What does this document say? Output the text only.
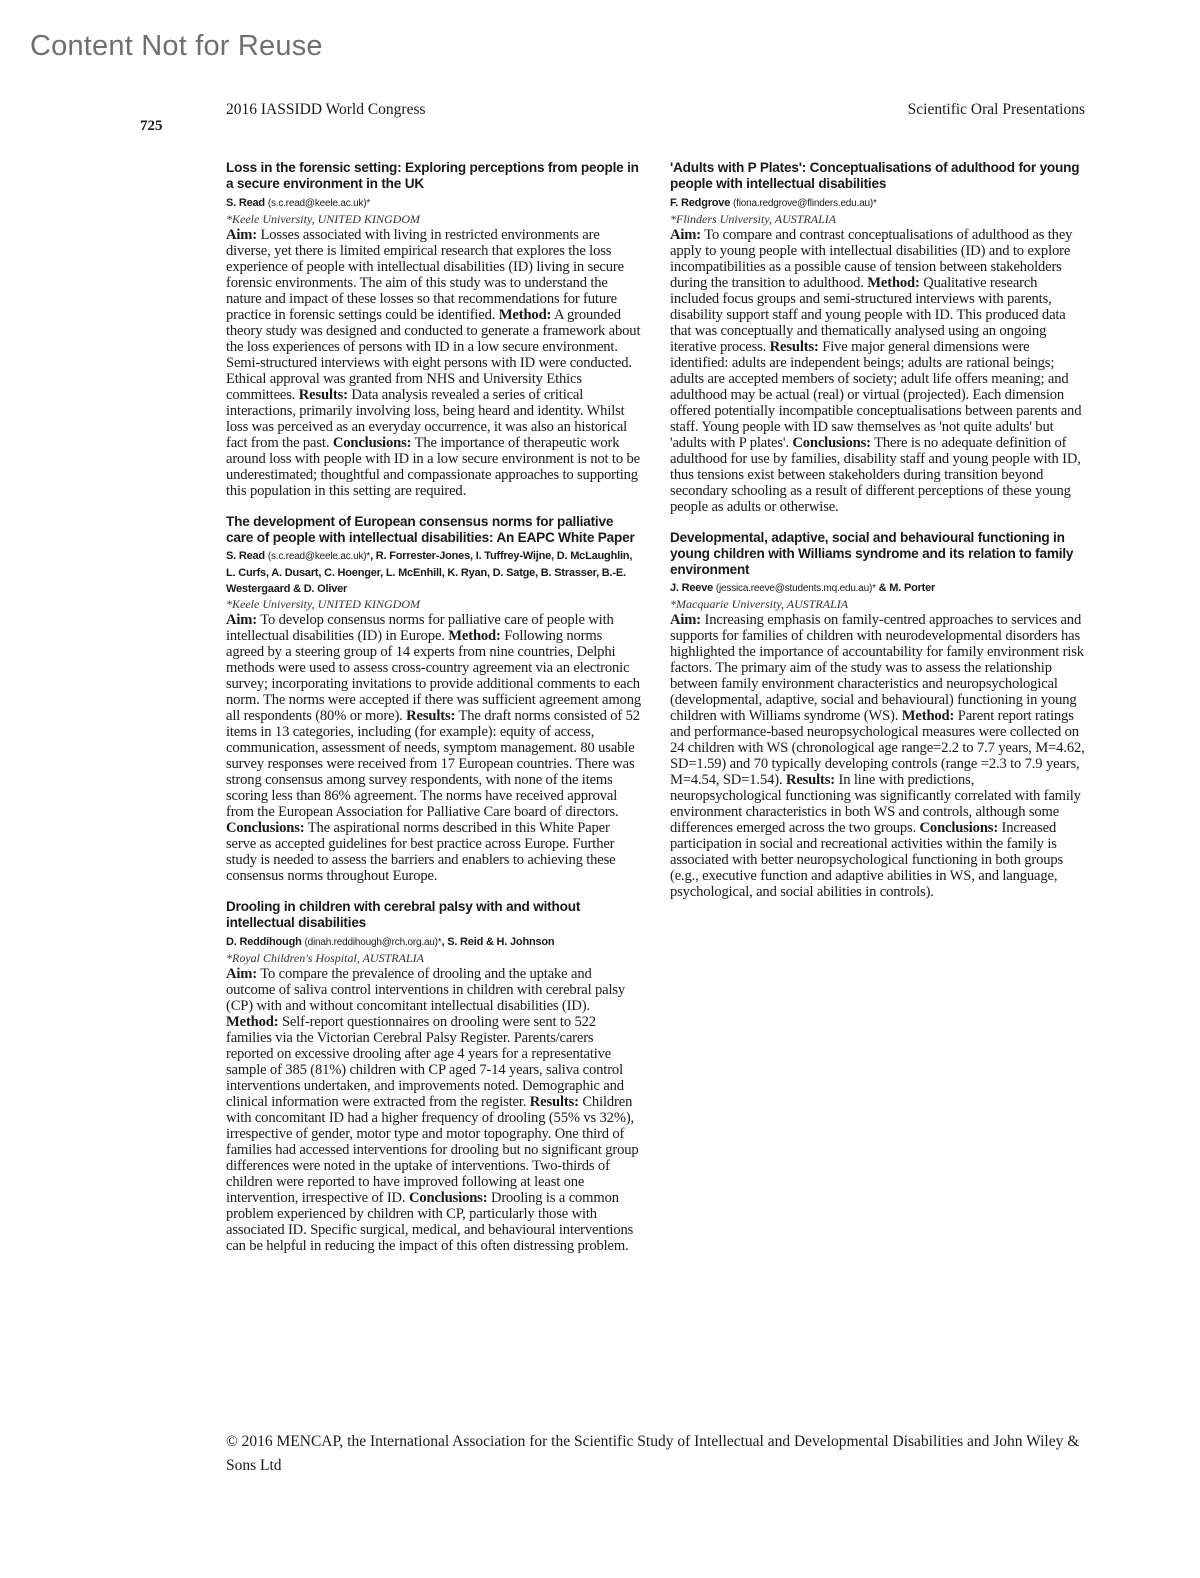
Content Not for Reuse
725
2016 IASSIDD World Congress	Scientific Oral Presentations
Loss in the forensic setting: Exploring perceptions from people in a secure environment in the UK
S. Read (s.c.read@keele.ac.uk)*
*Keele University, UNITED KINGDOM
Aim: Losses associated with living in restricted environments are diverse, yet there is limited empirical research that explores the loss experience of people with intellectual disabilities (ID) living in secure forensic environments. The aim of this study was to understand the nature and impact of these losses so that recommendations for future practice in forensic settings could be identified. Method: A grounded theory study was designed and conducted to generate a framework about the loss experiences of persons with ID in a low secure environment. Semi-structured interviews with eight persons with ID were conducted. Ethical approval was granted from NHS and University Ethics committees. Results: Data analysis revealed a series of critical interactions, primarily involving loss, being heard and identity. Whilst loss was perceived as an everyday occurrence, it was also an historical fact from the past. Conclusions: The importance of therapeutic work around loss with people with ID in a low secure environment is not to be underestimated; thoughtful and compassionate approaches to supporting this population in this setting are required.
The development of European consensus norms for palliative care of people with intellectual disabilities: An EAPC White Paper
S. Read (s.c.read@keele.ac.uk)*, R. Forrester-Jones, I. Tuffrey-Wijne, D. McLaughlin, L. Curfs, A. Dusart, C. Hoenger, L. McEnhill, K. Ryan, D. Satge, B. Strasser, B.-E. Westergaard & D. Oliver
*Keele University, UNITED KINGDOM
Aim: To develop consensus norms for palliative care of people with intellectual disabilities (ID) in Europe. Method: Following norms agreed by a steering group of 14 experts from nine countries, Delphi methods were used to assess cross-country agreement via an electronic survey; incorporating invitations to provide additional comments to each norm. The norms were accepted if there was sufficient agreement among all respondents (80% or more). Results: The draft norms consisted of 52 items in 13 categories, including (for example): equity of access, communication, assessment of needs, symptom management. 80 usable survey responses were received from 17 European countries. There was strong consensus among survey respondents, with none of the items scoring less than 86% agreement. The norms have received approval from the European Association for Palliative Care board of directors. Conclusions: The aspirational norms described in this White Paper serve as accepted guidelines for best practice across Europe. Further study is needed to assess the barriers and enablers to achieving these consensus norms throughout Europe.
Drooling in children with cerebral palsy with and without intellectual disabilities
D. Reddihough (dinah.reddihough@rch.org.au)*, S. Reid & H. Johnson
*Royal Children's Hospital, AUSTRALIA
Aim: To compare the prevalence of drooling and the uptake and outcome of saliva control interventions in children with cerebral palsy (CP) with and without concomitant intellectual disabilities (ID). Method: Self-report questionnaires on drooling were sent to 522 families via the Victorian Cerebral Palsy Register. Parents/carers reported on excessive drooling after age 4 years for a representative sample of 385 (81%) children with CP aged 7-14 years, saliva control interventions undertaken, and improvements noted. Demographic and clinical information were extracted from the register. Results: Children with concomitant ID had a higher frequency of drooling (55% vs 32%), irrespective of gender, motor type and motor topography. One third of families had accessed interventions for drooling but no significant group differences were noted in the uptake of interventions. Two-thirds of children were reported to have improved following at least one intervention, irrespective of ID. Conclusions: Drooling is a common problem experienced by children with CP, particularly those with associated ID. Specific surgical, medical, and behavioural interventions can be helpful in reducing the impact of this often distressing problem.
'Adults with P Plates': Conceptualisations of adulthood for young people with intellectual disabilities
F. Redgrove (fiona.redgrove@flinders.edu.au)*
*Flinders University, AUSTRALIA
Aim: To compare and contrast conceptualisations of adulthood as they apply to young people with intellectual disabilities (ID) and to explore incompatibilities as a possible cause of tension between stakeholders during the transition to adulthood. Method: Qualitative research included focus groups and semi-structured interviews with parents, disability support staff and young people with ID. This produced data that was conceptually and thematically analysed using an ongoing iterative process. Results: Five major general dimensions were identified: adults are independent beings; adults are rational beings; adults are accepted members of society; adult life offers meaning; and adulthood may be actual (real) or virtual (projected). Each dimension offered potentially incompatible conceptualisations between parents and staff. Young people with ID saw themselves as 'not quite adults' but 'adults with P plates'. Conclusions: There is no adequate definition of adulthood for use by families, disability staff and young people with ID, thus tensions exist between stakeholders during transition beyond secondary schooling as a result of different perceptions of these young people as adults or otherwise.
Developmental, adaptive, social and behavioural functioning in young children with Williams syndrome and its relation to family environment
J. Reeve (jessica.reeve@students.mq.edu.au)* & M. Porter
*Macquarie University, AUSTRALIA
Aim: Increasing emphasis on family-centred approaches to services and supports for families of children with neurodevelopmental disorders has highlighted the importance of accountability for family environment risk factors. The primary aim of the study was to assess the relationship between family environment characteristics and neuropsychological (developmental, adaptive, social and behavioural) functioning in young children with Williams syndrome (WS). Method: Parent report ratings and performance-based neuropsychological measures were collected on 24 children with WS (chronological age range=2.2 to 7.7 years, M=4.62, SD=1.59) and 70 typically developing controls (range =2.3 to 7.9 years, M=4.54, SD=1.54). Results: In line with predictions, neuropsychological functioning was significantly correlated with family environment characteristics in both WS and controls, although some differences emerged across the two groups. Conclusions: Increased participation in social and recreational activities within the family is associated with better neuropsychological functioning in both groups (e.g., executive function and adaptive abilities in WS, and language, psychological, and social abilities in controls).
© 2016 MENCAP, the International Association for the Scientific Study of Intellectual and Developmental Disabilities and John Wiley & Sons Ltd
